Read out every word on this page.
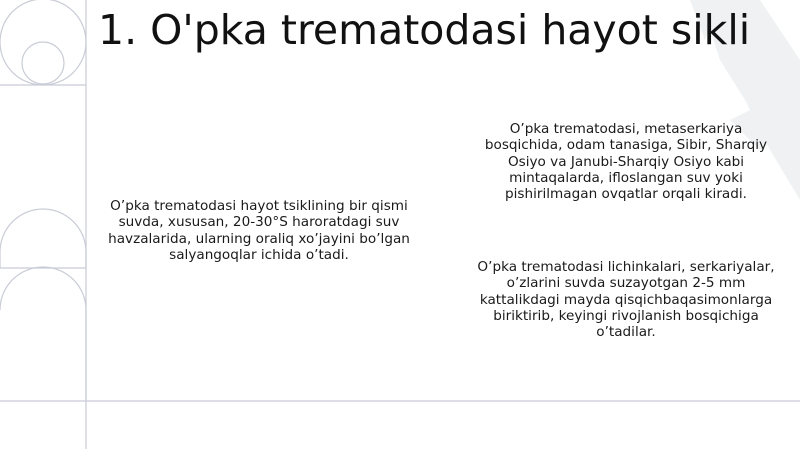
1. O'pka trematodasi hayot sikli

O’pka trematodasi hayot tsiklining bir qismi suvda, xususan, 20-30°S haroratdagi suv havzalarida, ularning oraliq xo’jayini bo’lgan salyangoqlar ichida o’tadi.

O’pka trematodasi, metaserkariya bosqichida, odam tanasiga, Sibir, Sharqiy Osiyo va Janubi-Sharqiy Osiyo kabi mintaqalarda, ifloslangan suv yoki pishirilmagan ovqatlar orqali kiradi.

O’pka trematodasi lichinkalari, serkariyalar, o’zlarini suvda suzayotgan 2-5 mm kattalikdagi mayda qisqichbaqasimonlarga biriktirib, keyingi rivojlanish bosqichiga o’tadilar.
